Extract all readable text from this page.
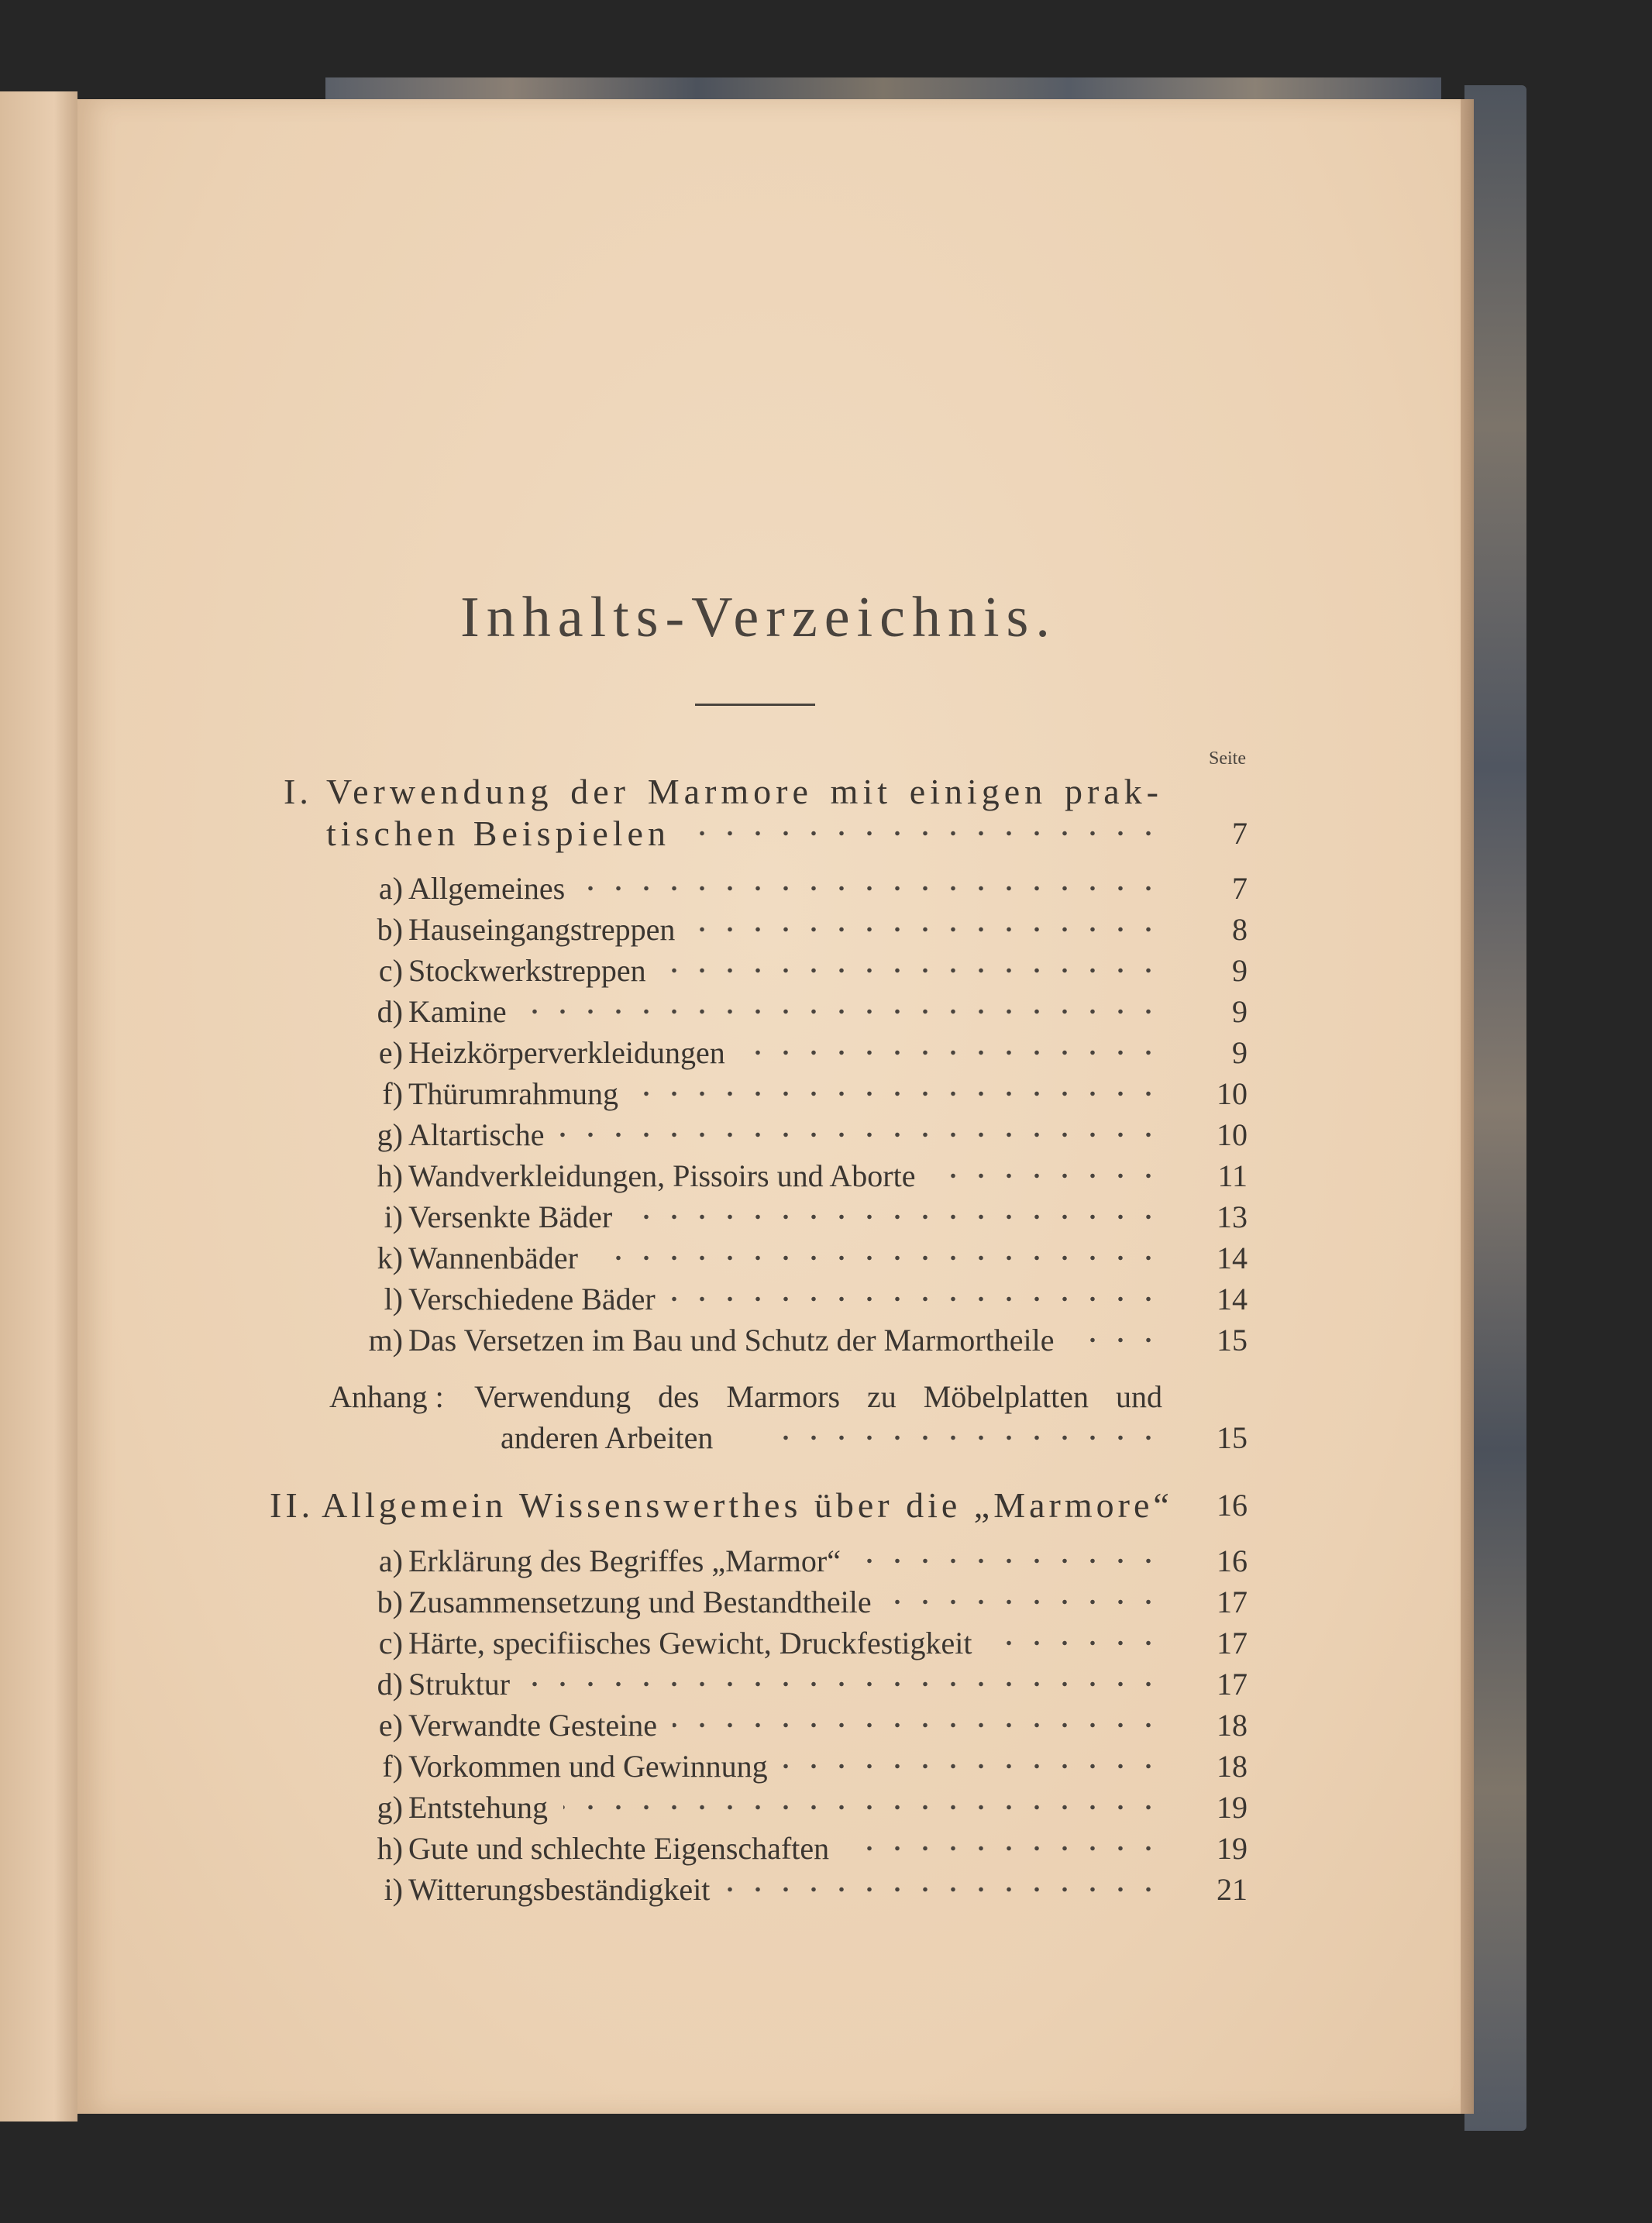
Inhalts-Verzeichnis.
Seite
I. Verwendung der Marmore mit einigen prak-
tischen Beispielen	7
a) Allgemeines	7
b) Hauseingangstreppen	8
c) Stockwerkstreppen	9
d) Kamine	9
e) Heizkörperverkleidungen	9
f) Thürumrahmung	10
g) Altartische	10
h) Wandverkleidungen, Pissoirs und Aborte	11
i) Versenkte Bäder	13
k) Wannenbäder	14
l) Verschiedene Bäder	14
m) Das Versetzen im Bau und Schutz der Marmortheile	15
Anhang : Verwendung des Marmors zu Möbelplatten und
anderen Arbeiten	15
II. Allgemein Wissenswerthes über die „Marmore“	16
a) Erklärung des Begriffes „Marmor“	16
b) Zusammensetzung und Bestandtheile	17
c) Härte, specifiisches Gewicht, Druckfestigkeit	17
d) Struktur	17
e) Verwandte Gesteine	18
f) Vorkommen und Gewinnung	18
g) Entstehung	19
h) Gute und schlechte Eigenschaften	19
i) Witterungsbeständigkeit	21
